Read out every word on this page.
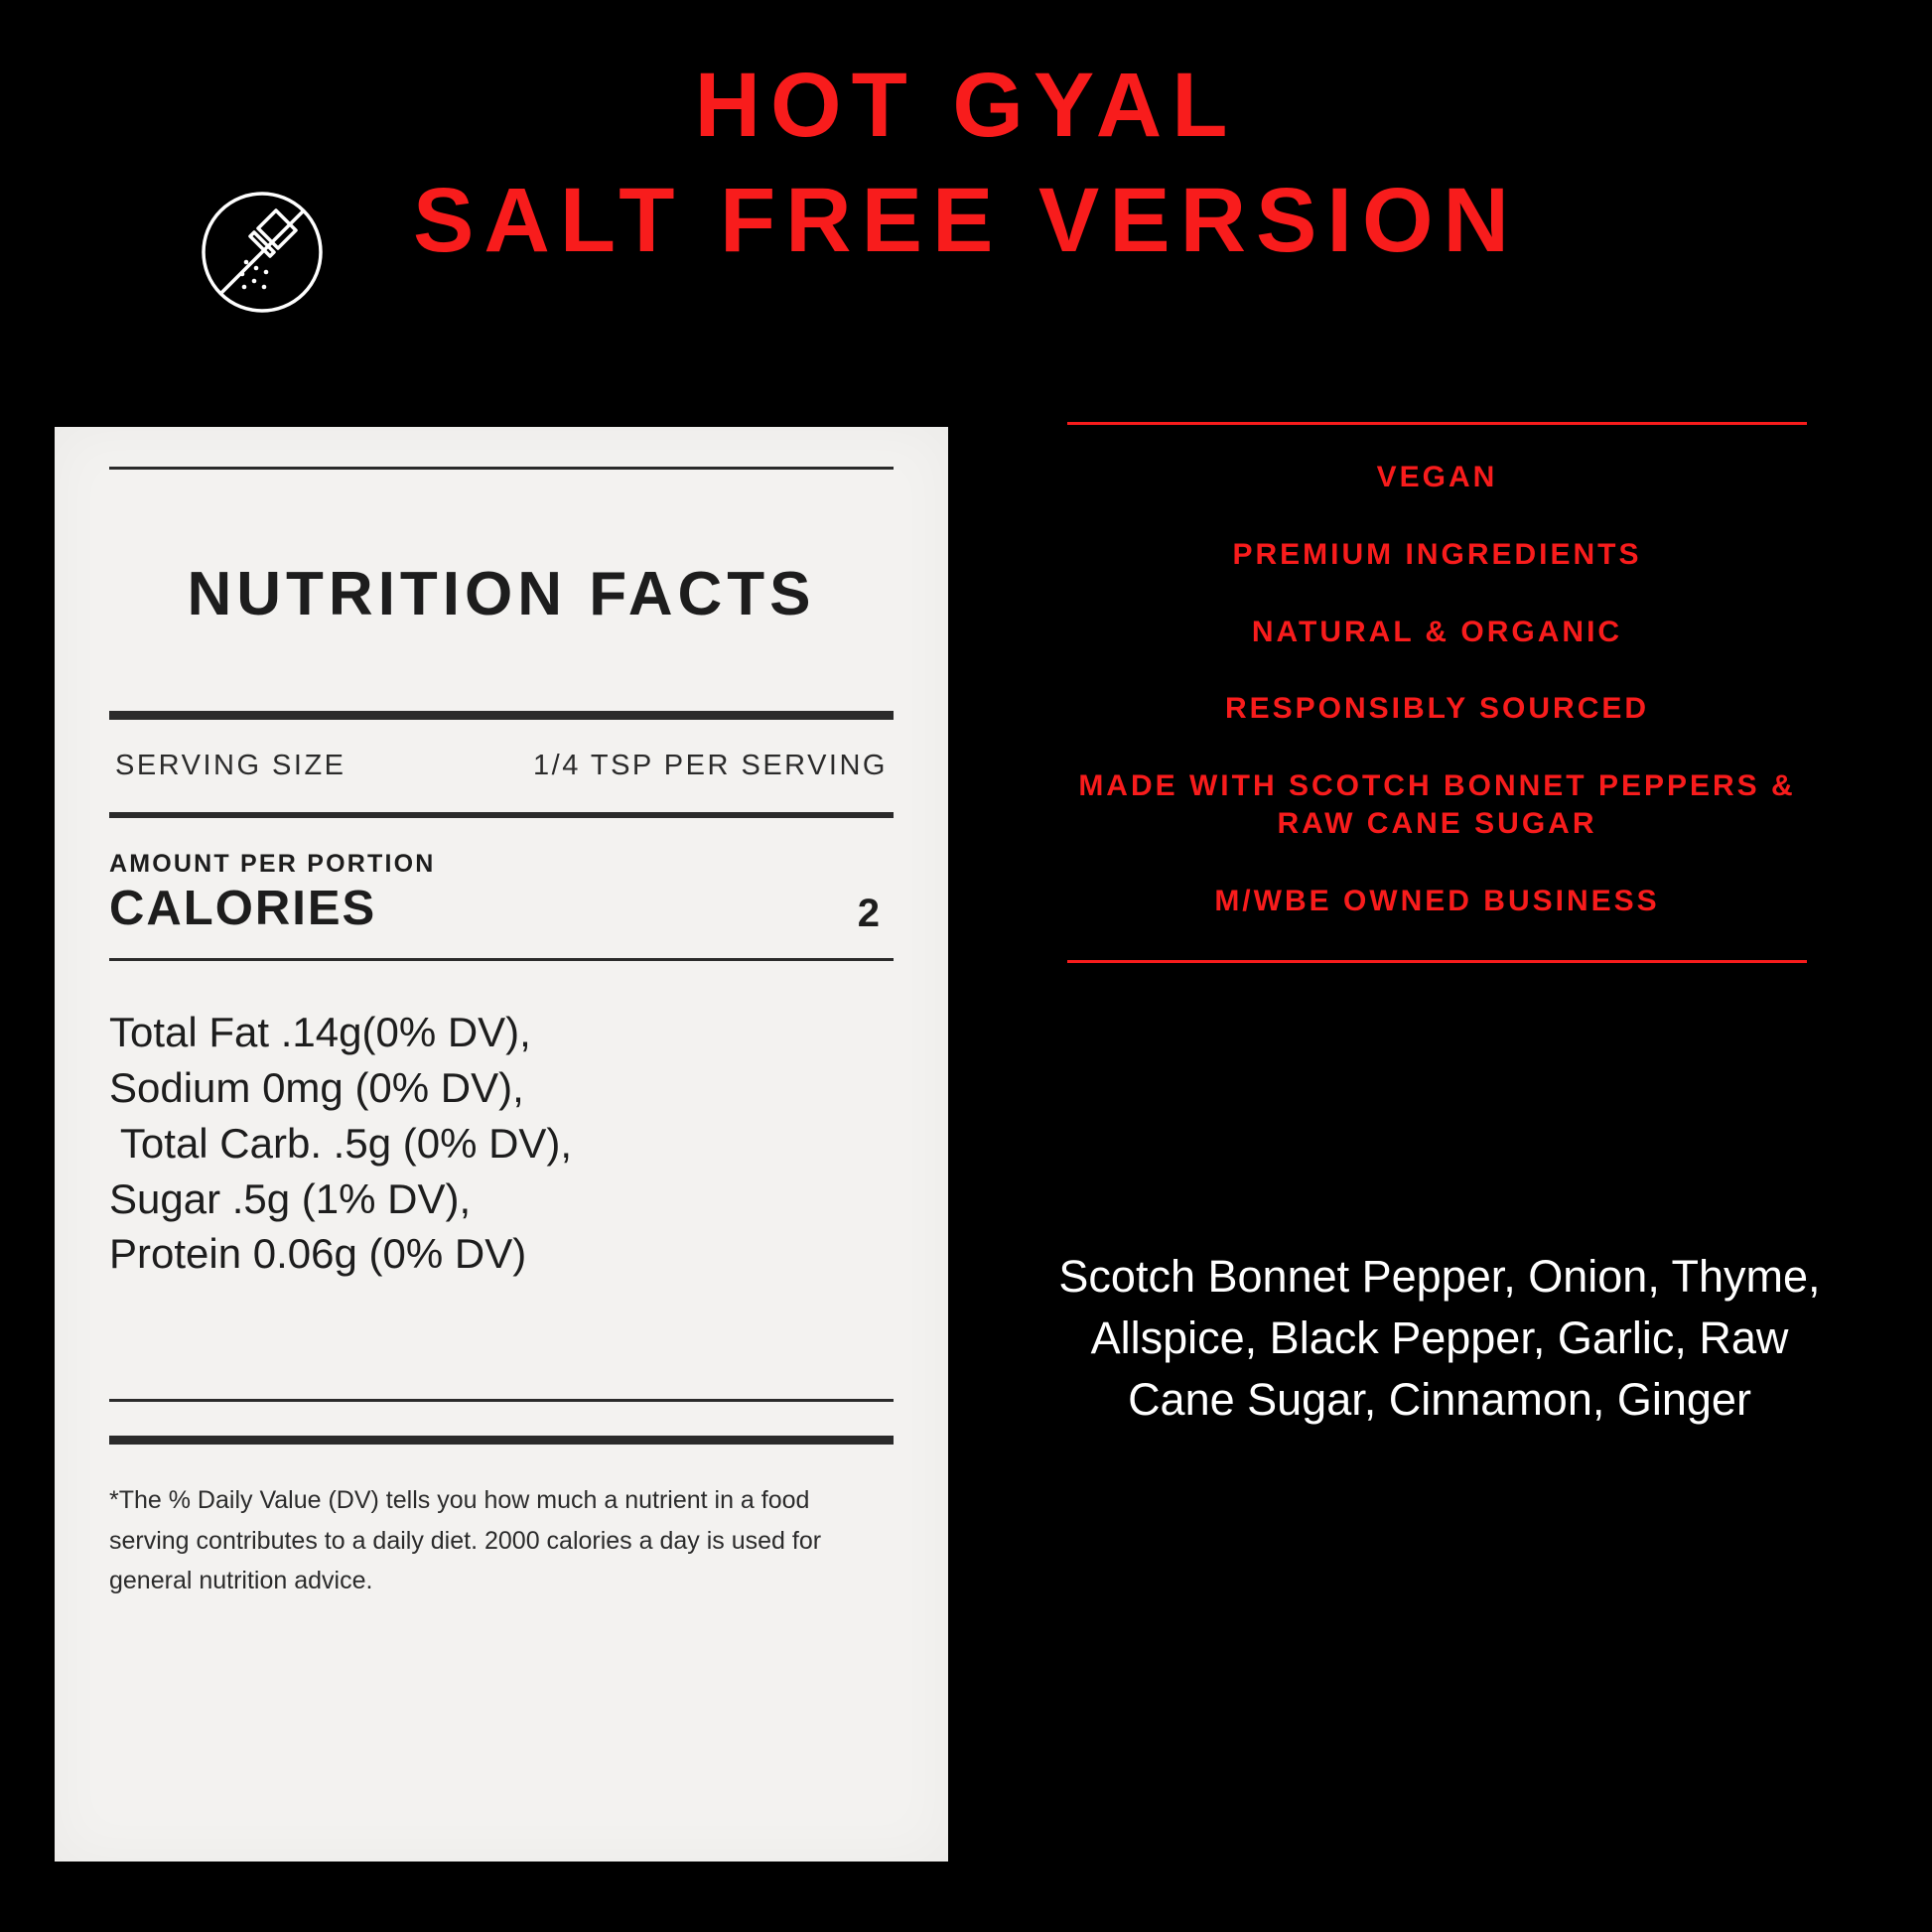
HOT GYAL
SALT FREE VERSION
NUTRITION FACTS
SERVING SIZE	1/4 TSP PER SERVING
AMOUNT PER PORTION
CALORIES	2
Total Fat .14g(0% DV),
Sodium 0mg (0% DV),
Total Carb. .5g (0% DV),
Sugar .5g (1% DV),
Protein 0.06g (0% DV)
*The % Daily Value (DV) tells you how much a nutrient in a food serving contributes to a daily diet. 2000 calories a day is used for general nutrition advice.
VEGAN
PREMIUM INGREDIENTS
NATURAL & ORGANIC
RESPONSIBLY SOURCED
MADE WITH SCOTCH BONNET PEPPERS & RAW CANE SUGAR
M/WBE OWNED BUSINESS
Scotch Bonnet Pepper, Onion, Thyme, Allspice, Black Pepper, Garlic, Raw Cane Sugar, Cinnamon, Ginger
